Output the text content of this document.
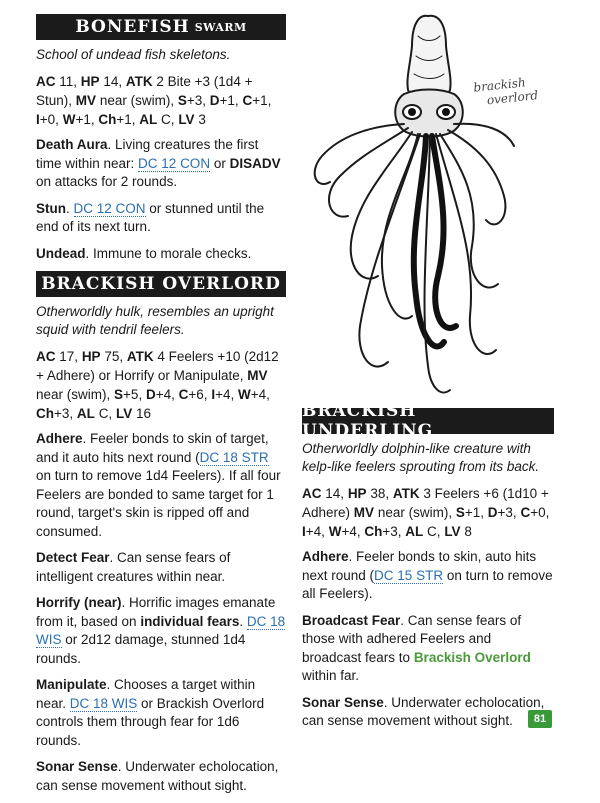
brackish
overlord
BONEFISH SWARM

School of undead fish skeletons.

AC 11, HP 14, ATK 2 Bite +3 (1d4 + Stun), MV near (swim), S+3, D+1, C+1, I+0, W+1, Ch+1, AL C, LV 3

Death Aura. Living creatures the first time within near: DC 12 CON or DISADV on attacks for 2 rounds.

Stun. DC 12 CON or stunned until the end of its next turn.

Undead. Immune to morale checks.

BRACKISH OVERLORD

Otherworldly hulk, resembles an upright squid with tendril feelers.

AC 17, HP 75, ATK 4 Feelers +10 (2d12 + Adhere) or Horrify or Manipulate, MV near (swim), S+5, D+4, C+6, I+4, W+4, Ch+3, AL C, LV 16

Adhere. Feeler bonds to skin of target, and it auto hits next round (DC 18 STR on turn to remove 1d4 Feelers). If all four Feelers are bonded to same target for 1 round, target's skin is ripped off and consumed.

Detect Fear. Can sense fears of intelligent creatures within near.

Horrify (near). Horrific images emanate from it, based on individual fears. DC 18 WIS or 2d12 damage, stunned 1d4 rounds.

Manipulate. Chooses a target within near. DC 18 WIS or Brackish Overlord controls them through fear for 1d6 rounds.

Sonar Sense. Underwater echolocation, can sense movement without sight.

BRACKISH UNDERLING

Otherworldly dolphin-like creature with kelp-like feelers sprouting from its back.

AC 14, HP 38, ATK 3 Feelers +6 (1d10 + Adhere) MV near (swim), S+1, D+3, C+0, I+4, W+4, Ch+3, AL C, LV 8

Adhere. Feeler bonds to skin, auto hits next round (DC 15 STR on turn to remove all Feelers).

Broadcast Fear. Can sense fears of those with adhered Feelers and broadcast fears to Brackish Overlord within far.

Sonar Sense. Underwater echolocation, can sense movement without sight.	81
